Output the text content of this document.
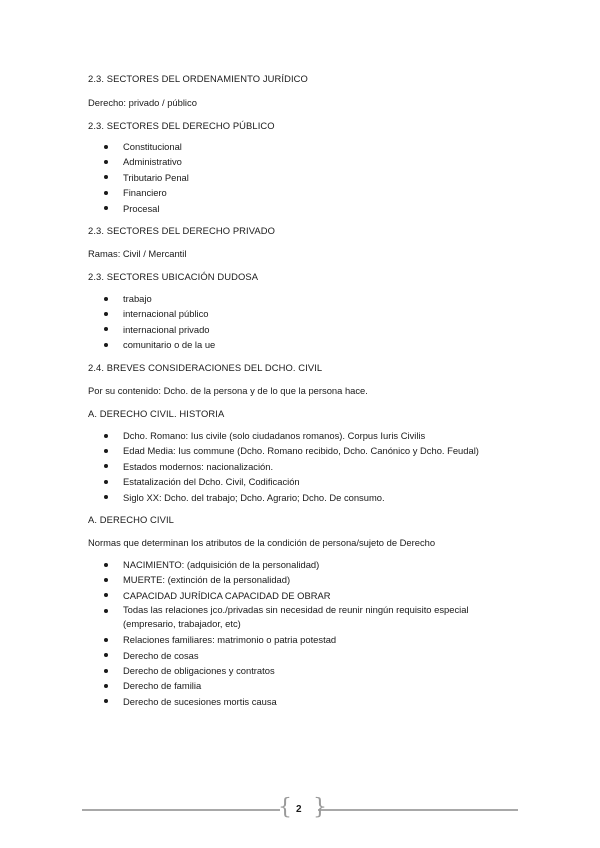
2.3. SECTORES DEL ORDENAMIENTO JURÍDICO
Derecho: privado / público
2.3. SECTORES DEL DERECHO PÚBLICO
Constitucional
Administrativo
Tributario Penal
Financiero
Procesal
2.3. SECTORES DEL DERECHO PRIVADO
Ramas: Civil / Mercantil
2.3. SECTORES UBICACIÓN DUDOSA
trabajo
internacional público
internacional privado
comunitario o de la ue
2.4. BREVES CONSIDERACIONES DEL DCHO. CIVIL
Por su contenido: Dcho. de la persona y de lo que la persona hace.
A. DERECHO CIVIL. HISTORIA
Dcho. Romano: Ius civile (solo ciudadanos romanos). Corpus Iuris Civilis
Edad Media: Ius commune (Dcho. Romano recibido, Dcho. Canónico y Dcho. Feudal)
Estados modernos: nacionalización.
Estatalización del Dcho. Civil, Codificación
Siglo XX: Dcho. del trabajo; Dcho. Agrario; Dcho. De consumo.
A. DERECHO CIVIL
Normas que determinan los atributos de la condición de persona/sujeto de Derecho
NACIMIENTO: (adquisición de la personalidad)
MUERTE: (extinción de la personalidad)
CAPACIDAD JURÍDICA CAPACIDAD DE OBRAR
Todas las relaciones jco./privadas sin necesidad de reunir ningún requisito especial (empresario, trabajador, etc)
Relaciones familiares: matrimonio o patria potestad
Derecho de cosas
Derecho de obligaciones y contratos
Derecho de familia
Derecho de sucesiones mortis causa
{ }
2
